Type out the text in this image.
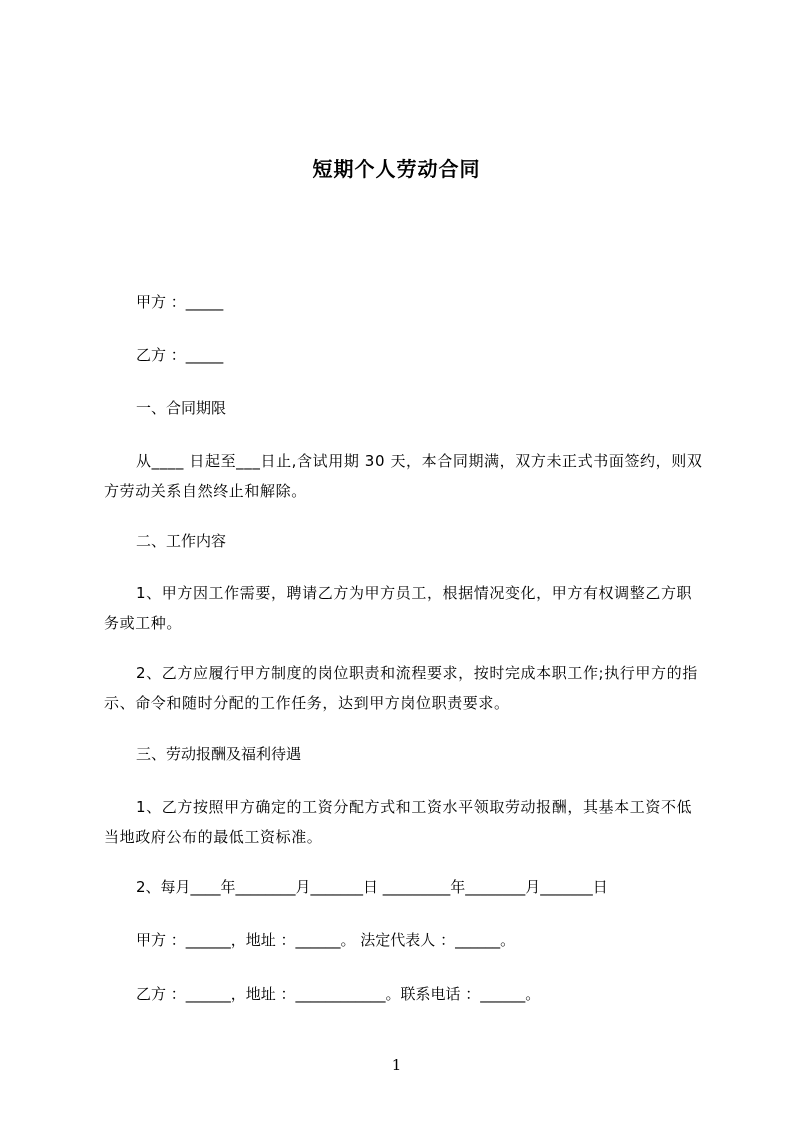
短期个人劳动合同
甲方 ：_____
乙方 ：_____
一、合同期限

从____ 日起至___日止,含试用期 30 天，本合同期满，双方未正式书面签约，则双方劳动关系自然终止和解除。

二、工作内容

1、甲方因工作需要，聘请乙方为甲方员工，根据情况变化，甲方有权调整乙方职务或工种。

2、乙方应履行甲方制度的岗位职责和流程要求，按时完成本职工作;执行甲方的指示、命令和随时分配的工作任务，达到甲方岗位职责要求。

三、劳动报酬及福利待遇

1、乙方按照甲方确定的工资分配方式和工资水平领取劳动报酬，其基本工资不低当地政府公布的最低工资标准。

2、每月____年________月_______日 _________年________月_______日
甲方 ：______，地址 ：______。 法定代表人 ：______。
乙方 ：______，地址 ：____________。联系电话 ：______。
1
